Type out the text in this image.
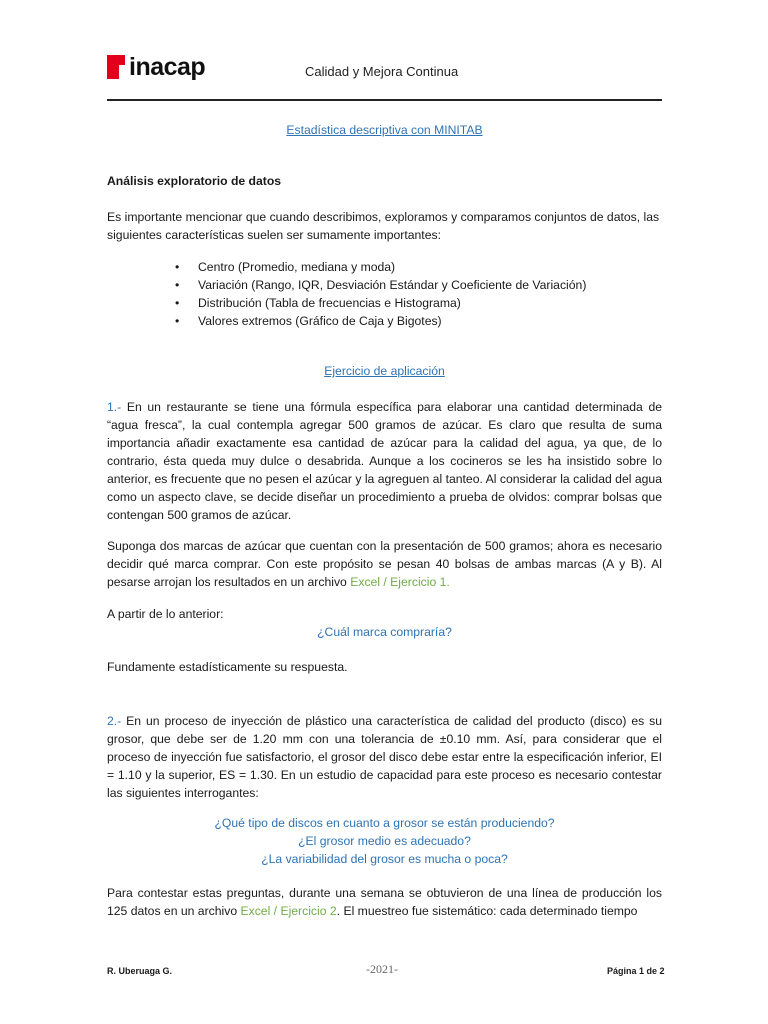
inacap	Calidad y Mejora Continua
Estadística descriptiva con MINITAB
Análisis exploratorio de datos
Es importante mencionar que cuando describimos, exploramos y comparamos conjuntos de datos, las siguientes características suelen ser sumamente importantes:
• Centro (Promedio, mediana y moda)
• Variación (Rango, IQR, Desviación Estándar y Coeficiente de Variación)
• Distribución (Tabla de frecuencias e Histograma)
• Valores extremos (Gráfico de Caja y Bigotes)
Ejercicio de aplicación
1.- En un restaurante se tiene una fórmula específica para elaborar una cantidad determinada de “agua fresca”, la cual contempla agregar 500 gramos de azúcar. Es claro que resulta de suma importancia añadir exactamente esa cantidad de azúcar para la calidad del agua, ya que, de lo contrario, ésta queda muy dulce o desabrida. Aunque a los cocineros se les ha insistido sobre lo anterior, es frecuente que no pesen el azúcar y la agreguen al tanteo. Al considerar la calidad del agua como un aspecto clave, se decide diseñar un procedimiento a prueba de olvidos: comprar bolsas que contengan 500 gramos de azúcar.
Suponga dos marcas de azúcar que cuentan con la presentación de 500 gramos; ahora es necesario decidir qué marca comprar. Con este propósito se pesan 40 bolsas de ambas marcas (A y B). Al pesarse arrojan los resultados en un archivo Excel / Ejercicio 1.
A partir de lo anterior:
¿Cuál marca compraría?
Fundamente estadísticamente su respuesta.
2.- En un proceso de inyección de plástico una característica de calidad del producto (disco) es su grosor, que debe ser de 1.20 mm con una tolerancia de ±0.10 mm. Así, para considerar que el proceso de inyección fue satisfactorio, el grosor del disco debe estar entre la especificación inferior, EI = 1.10 y la superior, ES = 1.30. En un estudio de capacidad para este proceso es necesario contestar las siguientes interrogantes:
¿Qué tipo de discos en cuanto a grosor se están produciendo?
¿El grosor medio es adecuado?
¿La variabilidad del grosor es mucha o poca?
Para contestar estas preguntas, durante una semana se obtuvieron de una línea de producción los 125 datos en un archivo Excel / Ejercicio 2. El muestreo fue sistemático: cada determinado tiempo
R. Uberuaga G.	-2021-	Página 1 de 2
